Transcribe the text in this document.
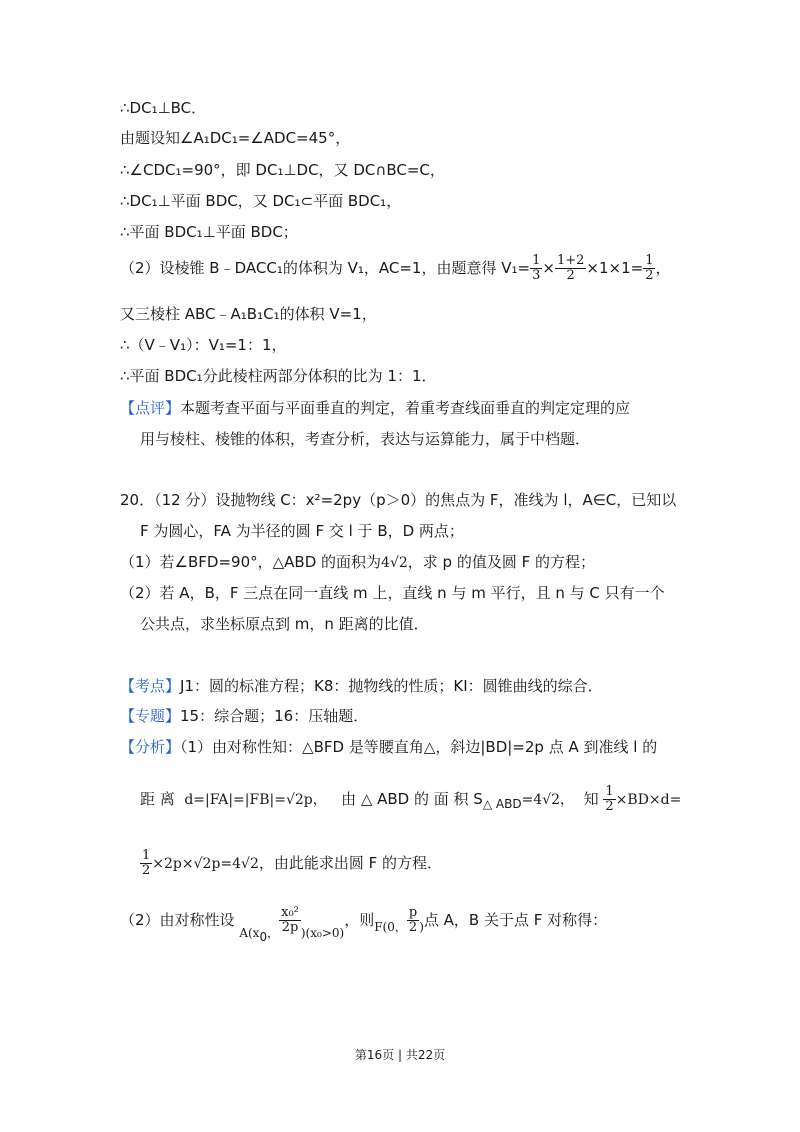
∴DC₁⊥BC．
由题设知∠A₁DC₁=∠ADC=45°，
∴∠CDC₁=90°，即 DC₁⊥DC，又 DC∩BC=C，
∴DC₁⊥平面 BDC，又 DC₁⊂平面 BDC₁，
∴平面 BDC₁⊥平面 BDC；
（2）设棱锥 B﹣DACC₁的体积为 V₁，AC=1，由题意得 $V_1= \frac{1}{3} \times \frac{1+2}{2} \times 1\times 1= \frac{1}{2}$ ，
又三棱柱 ABC﹣A₁B₁C₁的体积 V=1，
∴（V﹣V₁）：V₁=1：1，
∴平面 BDC₁分此棱柱两部分体积的比为 1：1．
【点评】本题考查平面与平面垂直的判定，着重考查线面垂直的判定定理的应
用与棱柱、棱锥的体积，考查分析，表达与运算能力，属于中档题．
20．（12 分）设抛物线 C：x²=2py（p＞0）的焦点为 F，准线为 l，A∈C，已知以
F 为圆心，FA 为半径的圆 F 交 l 于 B，D 两点；
（1）若∠BFD=90°，△ABD 的面积为4√2，求 p 的值及圆 F 的方程；
（2）若 A，B，F 三点在同一直线 m 上，直线 n 与 m 平行，且 n 与 C 只有一个
公共点，求坐标原点到 m，n 距离的比值．
【考点】J1：圆的标准方程；K8：抛物线的性质；KI：圆锥曲线的综合．
【专题】15：综合题；16：压轴题．
【分析】（1）由对称性知：△BFD 是等腰直角△，斜边|BD|=2p 点 A 到准线 l 的
距 离 d=|FA|=|FB|=√2p， 由 △ ABD 的 面 积 $S_{\triangle ABD}=4√2$， 知 $\frac{1}{2} \times BD\times d=$
$\frac{1}{2} \times 2p\times√2p=4√2$，由此能求出圆 F 的方程．
（2）由对称性设 $_{A(x0,} \frac{\text{x₀²}}{2p} _{)(x_0>0)}$，则$_{F(0,} \frac{p}{2} _)$点 A，B 关于点 F 对称得：
第16页 | 共22页
